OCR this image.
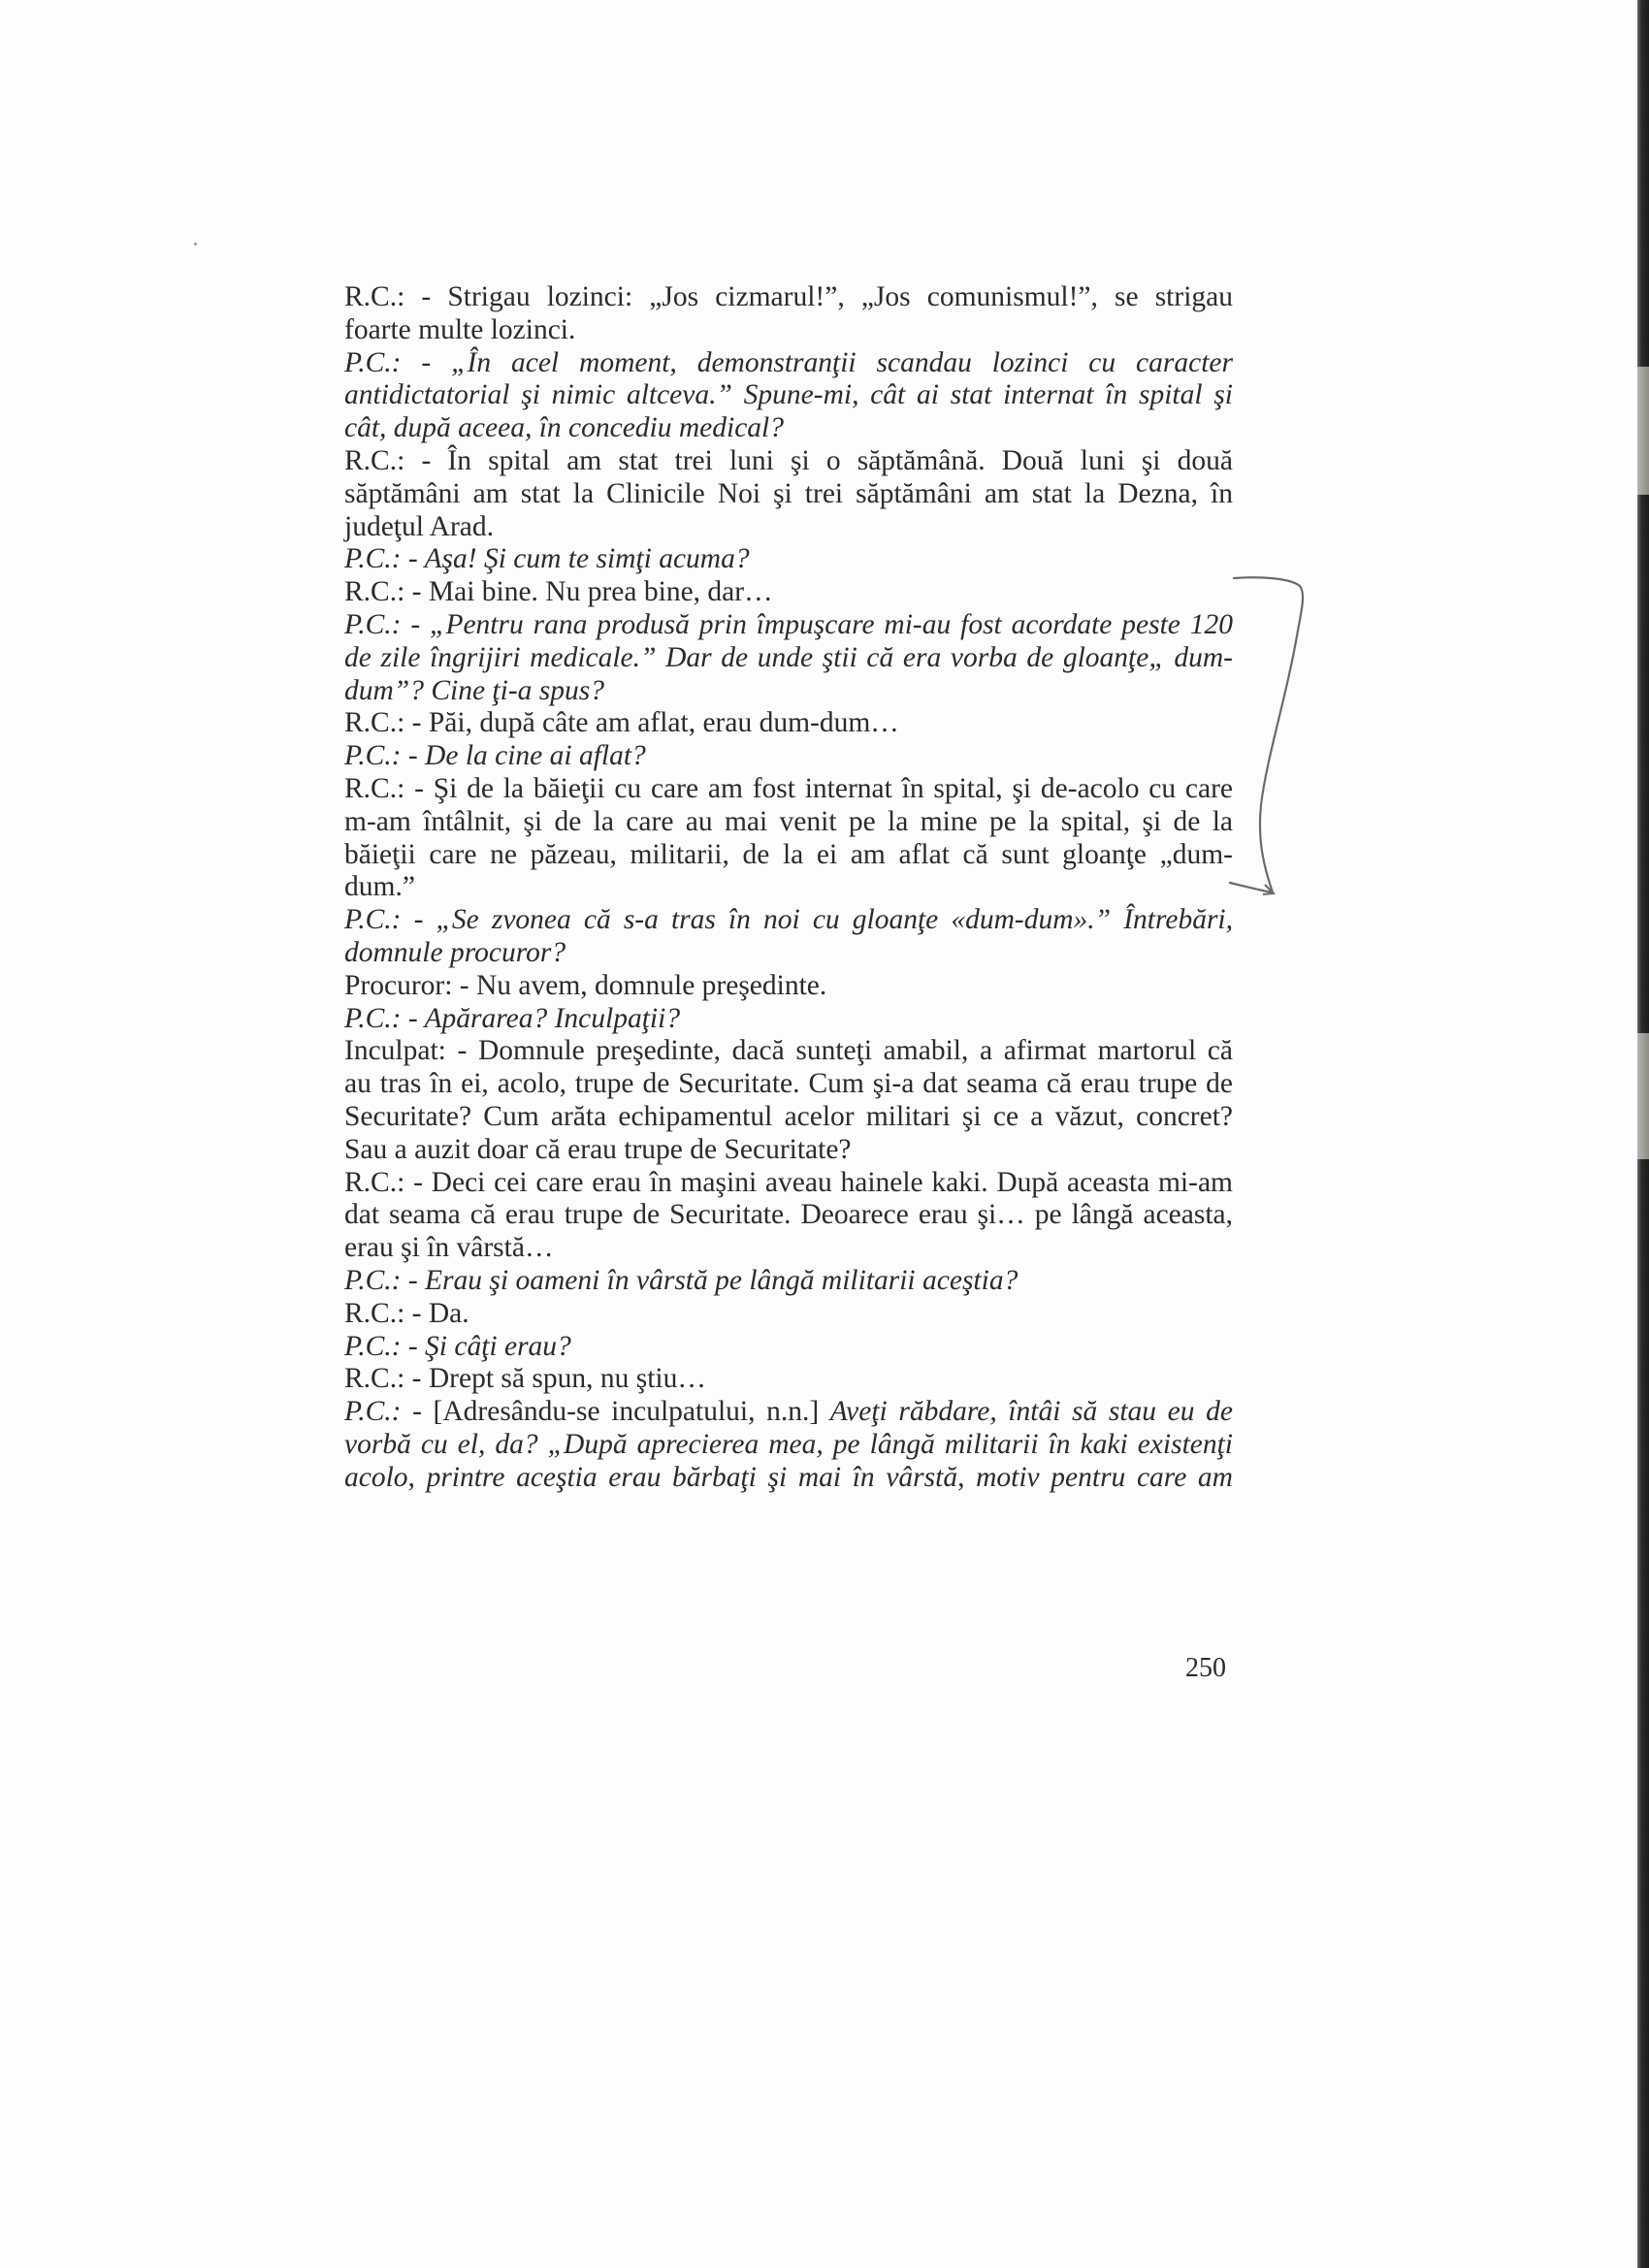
R.C.: - Strigau lozinci: „Jos cizmarul!”, „Jos comunismul!”, se strigau
foarte multe lozinci.
P.C.: - „În acel moment, demonstranţii scandau lozinci cu caracter
antidictatorial şi nimic altceva.” Spune-mi, cât ai stat internat în spital şi
cât, după aceea, în concediu medical?
R.C.: - În spital am stat trei luni şi o săptămână. Două luni şi două
săptămâni am stat la Clinicile Noi şi trei săptămâni am stat la Dezna, în
judeţul Arad.
P.C.: - Aşa! Şi cum te simţi acuma?
R.C.: - Mai bine. Nu prea bine, dar…
P.C.: - „Pentru rana produsă prin împuşcare mi-au fost acordate peste 120
de zile îngrijiri medicale.” Dar de unde ştii că era vorba de gloanţe„ dum-
dum”? Cine ţi-a spus?
R.C.: - Păi, după câte am aflat, erau dum-dum…
P.C.: - De la cine ai aflat?
R.C.: - Şi de la băieţii cu care am fost internat în spital, şi de-acolo cu care
m-am întâlnit, şi de la care au mai venit pe la mine pe la spital, şi de la
băieţii care ne păzeau, militarii, de la ei am aflat că sunt gloanţe „dum-
dum.”
P.C.: - „Se zvonea că s-a tras în noi cu gloanţe «dum-dum».” Întrebări,
domnule procuror?
Procuror: - Nu avem, domnule preşedinte.
P.C.: - Apărarea? Inculpaţii?
Inculpat: - Domnule preşedinte, dacă sunteţi amabil, a afirmat martorul că
au tras în ei, acolo, trupe de Securitate. Cum şi-a dat seama că erau trupe de
Securitate? Cum arăta echipamentul acelor militari şi ce a văzut, concret?
Sau a auzit doar că erau trupe de Securitate?
R.C.: - Deci cei care erau în maşini aveau hainele kaki. După aceasta mi-am
dat seama că erau trupe de Securitate. Deoarece erau şi… pe lângă aceasta,
erau şi în vârstă…
P.C.: - Erau şi oameni în vârstă pe lângă militarii aceştia?
R.C.: - Da.
P.C.: - Şi câţi erau?
R.C.: - Drept să spun, nu ştiu…
P.C.: - [Adresându-se inculpatului, n.n.] Aveţi răbdare, întâi să stau eu de
vorbă cu el, da? „După aprecierea mea, pe lângă militarii în kaki existenţi
acolo, printre aceştia erau bărbaţi şi mai în vârstă, motiv pentru care am
250
